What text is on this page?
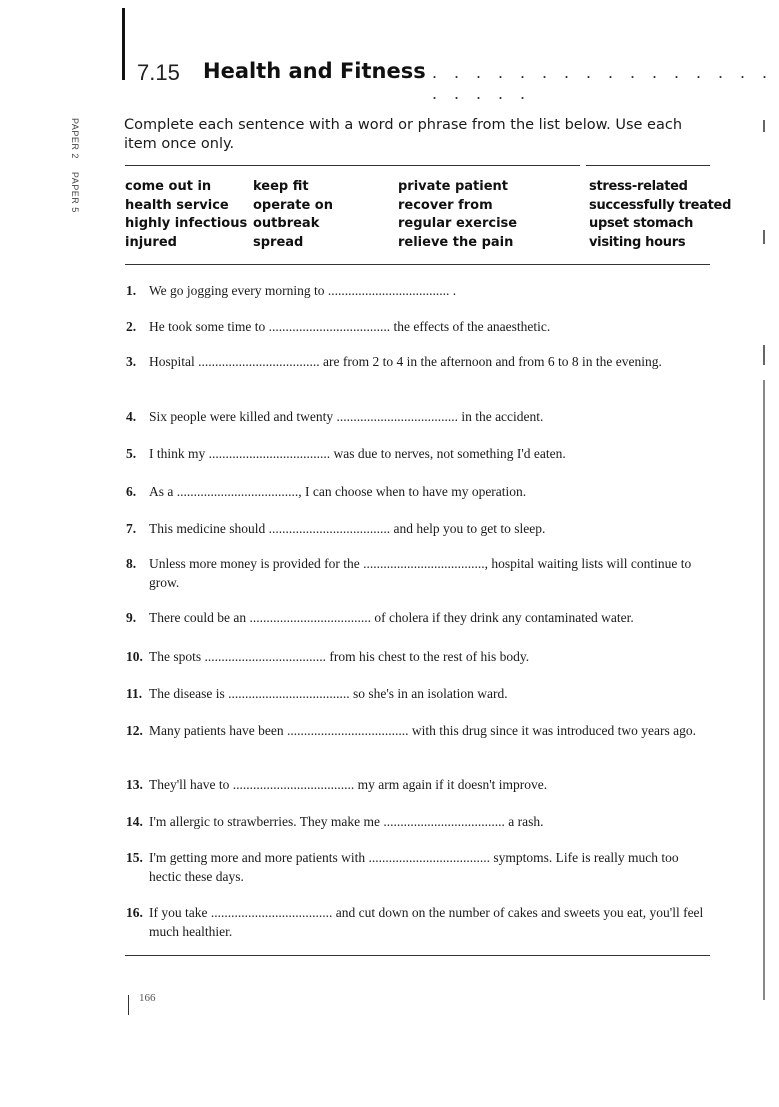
7.15 Health and Fitness . . . . . . . . . . . . . . . . . . . . .
PAPER 2 PAPER 5
Complete each sentence with a word or phrase from the list below. Use each item once only.
come out in
health service
highly infectious
injured
keep fit
operate on
outbreak
spread
private patient
recover from
regular exercise
relieve the pain
stress-related
successfully treated
upset stomach
visiting hours
1. We go jogging every morning to .................................... .
2. He took some time to .................................... the effects of the anaesthetic.
3. Hospital .................................... are from 2 to 4 in the afternoon and from 6 to 8 in the evening.
4. Six people were killed and twenty .................................... in the accident.
5. I think my .................................... was due to nerves, not something I'd eaten.
6. As a ...................................., I can choose when to have my operation.
7. This medicine should .................................... and help you to get to sleep.
8. Unless more money is provided for the ...................................., hospital waiting lists will continue to grow.
9. There could be an .................................... of cholera if they drink any contaminated water.
10. The spots .................................... from his chest to the rest of his body.
11. The disease is .................................... so she's in an isolation ward.
12. Many patients have been .................................... with this drug since it was introduced two years ago.
13. They'll have to .................................... my arm again if it doesn't improve.
14. I'm allergic to strawberries. They make me .................................... a rash.
15. I'm getting more and more patients with .................................... symptoms. Life is really much too hectic these days.
16. If you take .................................... and cut down on the number of cakes and sweets you eat, you'll feel much healthier.
166
